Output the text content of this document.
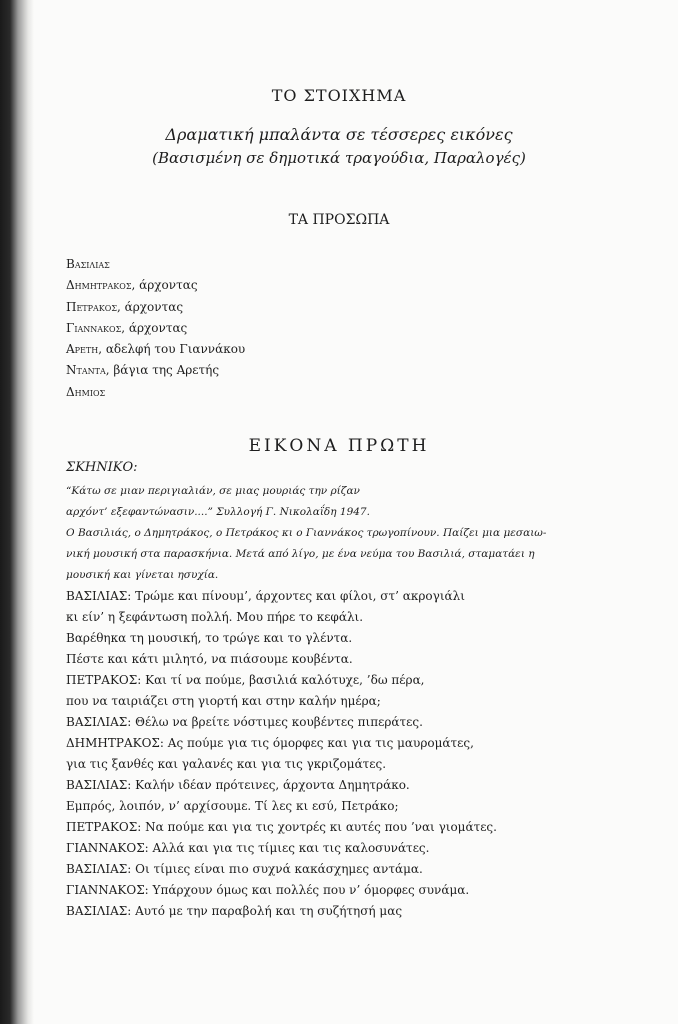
ΤΟ ΣΤΟΙΧΗΜΑ
Δραματική μπαλάντα σε τέσσερες εικόνες
(Βασισμένη σε δημοτικά τραγούδια, Παραλογές)
ΤΑ ΠΡΟΣΩΠΑ
Βασιλιας
Δημητρακος, άρχοντας
Πετρακος, άρχοντας
Γιαννακος, άρχοντας
Αρετη, αδελφή του Γιαννάκου
Ντaντa, βάγια της Αρετής
Δημιος
ΕΙΚΟΝΑ ΠΡΩΤΗ
ΣΚΗΝΙΚΟ:
“Κάτω σε μιαν περιγιαλιάν, σε μιας μουριάς την ρίζαν
αρχόντ’ εξεφαντώνασιν....” Συλλογή Γ. Νικολαΐδη 1947.
Ο Βασιλιάς, ο Δημητράκος, ο Πετράκος κι ο Γιαννάκος τρωγοπίνουν. Παίζει μια μεσαιω-
νική μουσική στα παρασκήνια. Μετά από λίγο, με ένα νεύμα του Βασιλιά, σταματάει η
μουσική και γίνεται ησυχία.
ΒΑΣΙΛΙΑΣ: Τρώμε και πίνουμ’, άρχοντες και φίλοι, στ’ ακρογιάλι
κι είν’ η ξεφάντωση πολλή. Μου πήρε το κεφάλι.
Βαρέθηκα τη μουσική, το τρώγε και το γλέντα.
Πέστε και κάτι μιλητό, να πιάσουμε κουβέντα.
ΠΕΤΡΑΚΟΣ: Και τί να πούμε, βασιλιά καλότυχε, ’δω πέρα,
που να ταιριάζει στη γιορτή και στην καλήν ημέρα;
ΒΑΣΙΛΙΑΣ: Θέλω να βρείτε νόστιμες κουβέντες πιπεράτες.
ΔΗΜΗΤΡΑΚΟΣ: Ας πούμε για τις όμορφες και για τις μαυρομάτες,
για τις ξανθές και γαλανές και για τις γκριζομάτες.
ΒΑΣΙΛΙΑΣ: Καλήν ιδέαν πρότεινες, άρχοντα Δημητράκο.
Εμπρός, λοιπόν, ν’ αρχίσουμε. Τί λες κι εσύ, Πετράκο;
ΠΕΤΡΑΚΟΣ: Να πούμε και για τις χοντρές κι αυτές που ’ναι γιομάτες.
ΓΙΑΝΝΑΚΟΣ: Αλλά και για τις τίμιες και τις καλοσυνάτες.
ΒΑΣΙΛΙΑΣ: Οι τίμιες είναι πιο συχνά κακάσχημες αντάμα.
ΓΙΑΝΝΑΚΟΣ: Υπάρχουν όμως και πολλές που ν’ όμορφες συνάμα.
ΒΑΣΙΛΙΑΣ: Αυτό με την παραβολή και τη συζήτησή μας
